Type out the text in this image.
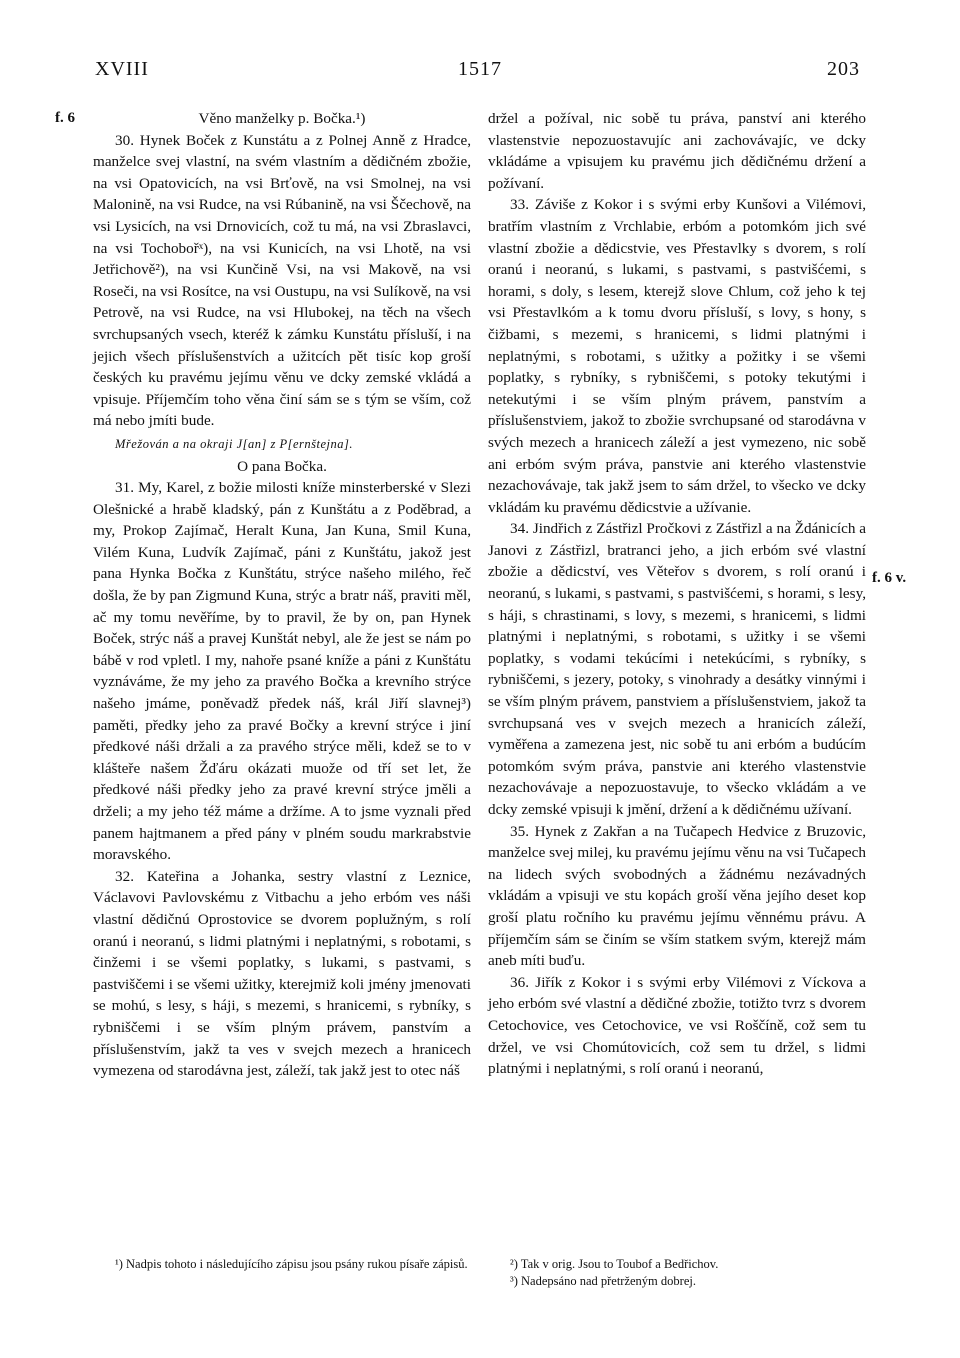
1517
XVIII	203
f. 6
f. 6 v.

Věno manželky p. Bočka.¹)

30. Hynek Boček z Kunstátu a z Polnej Anně z Hradce, manželce svej vlastní, na svém vlastním a dědičném zbožie, na vsi Opatovicích, na vsi Brťově, na vsi Smolnej, na vsi Malonině, na vsi Rudce, na vsi Rúbanině, na vsi Ščechově, na vsi Lysicích, na vsi Drnovicích, což tu má, na vsi Zbraslavci, na vsi Tochobořˣ), na vsi Kunicích, na vsi Lhotě, na vsi Jetřichově²), na vsi Kunčině Vsi, na vsi Makově, na vsi Roseči, na vsi Rosítce, na vsi Oustupu, na vsi Sulíkově, na vsi Petrově, na vsi Rudce, na vsi Hlubokej, na těch na všech svrchupsaných vsech, kteréž k zámku Kunstátu přísluší, i na jejich všech příslušenstvích a užitcích pět tisíc kop groší českých ku pravému jejímu věnu ve dcky zemské vkládá a vpisuje. Příjemčím toho věna činí sám se s tým se vším, což má nebo jmíti bude.

Mřežován a na okraji J[an] z P[ernštejna].

O pana Bočka.

31. My, Karel, z božie milosti kníže minsterberské v Slezi Olešnické a hrabě kladský, pán z Kunštátu a z Poděbrad, a my, Prokop Zajímač, Heralt Kuna, Jan Kuna, Smil Kuna, Vilém Kuna, Ludvík Zajímač, páni z Kunštátu, jakož jest pana Hynka Bočka z Kunštátu, strýce našeho milého, řeč došla, že by pan Zigmund Kuna, strýc a bratr náš, praviti měl, ač my tomu nevěříme, by to pravil, že by on, pan Hynek Boček, strýc náš a pravej Kunštát nebyl, ale že jest se nám po bábě v rod vpletl. I my, nahoře psané kníže a páni z Kunštátu vyznáváme, že my jeho za pravého Bočka a krevního strýce našeho jmáme, poněvadž předek náš, král Jiří slavnej³) paměti, předky jeho za pravé Bočky a krevní strýce i jiní předkové náši držali a za pravého strýce měli, kdež se to v klášteře našem Žďáru okázati muože od tří set let, že předkové náši předky jeho za pravé krevní strýce jměli a drželi; a my jeho též máme a držíme. A to jsme vyznali před panem hajtmanem a před pány v plném soudu markrabstvie moravského.

32. Kateřina a Johanka, sestry vlastní z Leznice, Václavovi Pavlovskému z Vitbachu a jeho erbóm ves náši vlastní dědičnú Oprostovice se dvorem poplužným, s rolí oranú i neoranú, s lidmi platnými i neplatnými, s robotami, s činžemi i se všemi poplatky, s lukami, s pastvami, s pastviščemi i se všemi užitky, kterejmiž koli jmény jmenovati se mohú, s lesy, s háji, s mezemi, s hranicemi, s rybníky, s rybniščemi i se vším plným právem, panstvím a příslušenstvím, jakž ta ves v svejch mezech a hranicech vymezena od starodávna jest, záleží, tak jakž jest to otec náš

držel a požíval, nic sobě tu práva, panství ani kterého vlastenstvie nepozuostavujíc ani zachovávajíc, ve dcky vkládáme a vpisujem ku pravému jich dědičnému držení a požívaní.

33. Záviše z Kokor i s svými erby Kunšovi a Vilémovi, bratřím vlastním z Vrchlabie, erbóm a potomkóm jich své vlastní zbožie a dědicstvie, ves Přestavlky s dvorem, s rolí oranú i neoranú, s lukami, s pastvami, s pastvišćemi, s horami, s doly, s lesem, kterejž slove Chlum, což jeho k tej vsi Přestavlkóm a k tomu dvoru přísluší, s lovy, s hony, s čižbami, s mezemi, s hranicemi, s lidmi platnými i neplatnými, s robotami, s užitky a požitky i se všemi poplatky, s rybníky, s rybniščemi, s potoky tekutými i netekutými i se vším plným právem, panstvím a příslušenstviem, jakož to zbožie svrchupsané od starodávna v svých mezech a hranicech záleží a jest vymezeno, nic sobě ani erbóm svým práva, panstvie ani kterého vlastenstvie nezachovávaje, tak jakž jsem to sám držel, to všecko ve dcky vkládám ku pravému dědicstvie a užívanie.

34. Jindřich z Zástřizl Pročkovi z Zástřizl a na Ždánicích a Janovi z Zástřizl, bratranci jeho, a jich erbóm své vlastní zbožie a dědicství, ves Věteřov s dvorem, s rolí oranú i neoranú, s lukami, s pastvami, s pastvišćemi, s horami, s lesy, s háji, s chrastinami, s lovy, s mezemi, s hranicemi, s lidmi platnými i neplatnými, s robotami, s užitky i se všemi poplatky, s vodami tekúcími i netekúcími, s rybníky, s rybniščemi, s jezery, potoky, s vinohrady a desátky vinnými i se vším plným právem, panstviem a příslušenstviem, jakož ta svrchupsaná ves v svejch mezech a hranicích záleží, vyměřena a zamezena jest, nic sobě tu ani erbóm a budúcím potomkóm svým práva, panstvie ani kterého vlastenstvie nezachovávaje a nepozuostavuje, to všecko vkládám a ve dcky zemské vpisuji k jmění, držení a k dědičnému užívaní.

35. Hynek z Zakřan a na Tučapech Hedvice z Bruzovic, manželce svej milej, ku pravému jejímu věnu na vsi Tučapech na lidech svých svobodných a žádnému nezávadných vkládám a vpisuji ve stu kopách groší věna jejího deset kop groší platu ročního ku pravému jejímu věnnému právu. A příjemčím sám se činím se vším statkem svým, kterejž mám aneb míti buďu.

36. Jiřík z Kokor i s svými erby Vilémovi z Víckova a jeho erbóm své vlastní a dědičné zbožie, totižto tvrz s dvorem Cetochovice, ves Cetochovice, ve vsi Roščíně, což sem tu držel, ve vsi Chomútovicích, což sem tu držel, s lidmi platnými i neplatnými, s rolí oranú i neoranú,

¹) Nadpis tohoto i následujícího zápisu jsou psány rukou písaře zápisů.	²) Tak v orig. Jsou to Toubof a Bedřichov.
³) Nadepsáno nad přetrženým dobrej.
